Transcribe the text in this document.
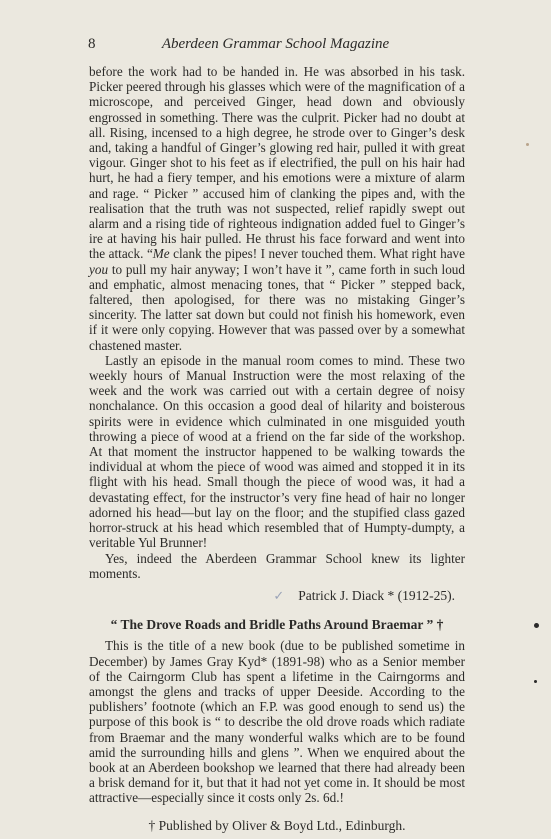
8	Aberdeen Grammar School Magazine

before the work had to be handed in. He was absorbed in his task. Picker peered through his glasses which were of the magnification of a microscope, and perceived Ginger, head down and obviously engrossed in something. There was the culprit. Picker had no doubt at all. Rising, incensed to a high degree, he strode over to Ginger’s desk and, taking a handful of Ginger’s glowing red hair, pulled it with great vigour. Ginger shot to his feet as if electrified, the pull on his hair had hurt, he had a fiery temper, and his emotions were a mixture of alarm and rage. “ Picker ” accused him of clanking the pipes and, with the realisation that the truth was not suspected, relief rapidly swept out alarm and a rising tide of righteous indignation added fuel to Ginger’s ire at having his hair pulled. He thrust his face forward and went into the attack. “Me clank the pipes! I never touched them. What right have you to pull my hair anyway; I won’t have it ”, came forth in such loud and emphatic, almost menacing tones, that “ Picker ” stepped back, faltered, then apologised, for there was no mistaking Ginger’s sincerity. The latter sat down but could not finish his homework, even if it were only copying. However that was passed over by a somewhat chastened master.

Lastly an episode in the manual room comes to mind. These two weekly hours of Manual Instruction were the most relaxing of the week and the work was carried out with a certain degree of noisy nonchalance. On this occasion a good deal of hilarity and boisterous spirits were in evidence which culminated in one misguided youth throwing a piece of wood at a friend on the far side of the workshop. At that moment the instructor happened to be walking towards the individual at whom the piece of wood was aimed and stopped it in its flight with his head. Small though the piece of wood was, it had a devastating effect, for the instructor’s very fine head of hair no longer adorned his head—but lay on the floor; and the stupified class gazed horror-struck at his head which resembled that of Humpty-dumpty, a veritable Yul Brunner!

Yes, indeed the Aberdeen Grammar School knew its lighter moments.

✓ Patrick J. Diack * (1912-25).
“ The Drove Roads and Bridle Paths Around Braemar ” †

This is the title of a new book (due to be published sometime in December) by James Gray Kyd* (1891-98) who as a Senior member of the Cairngorm Club has spent a lifetime in the Cairngorms and amongst the glens and tracks of upper Deeside. According to the publishers’ footnote (which an F.P. was good enough to send us) the purpose of this book is “ to describe the old drove roads which radiate from Braemar and the many wonderful walks which are to be found amid the surrounding hills and glens ”. When we enquired about the book at an Aberdeen bookshop we learned that there had already been a brisk demand for it, but that it had not yet come in. It should be most attractive—especially since it costs only 2s. 6d.!

† Published by Oliver & Boyd Ltd., Edinburgh.
